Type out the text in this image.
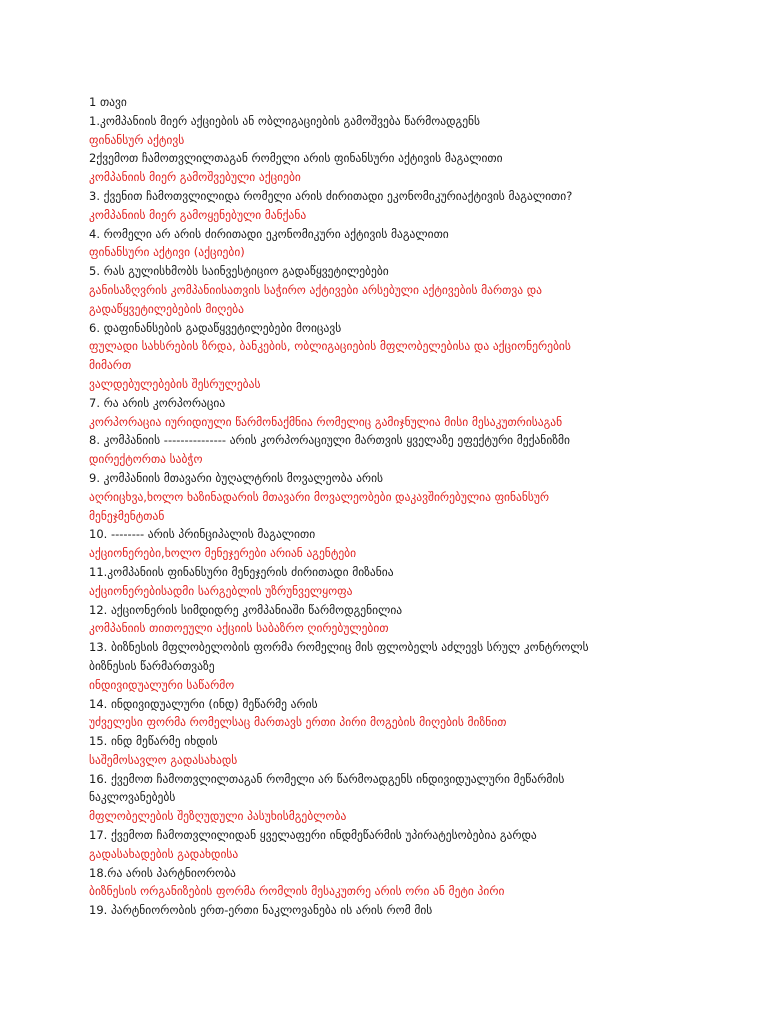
1 თავი
1.კომპანიის მიერ აქციების ან ობლიგაციების გამოშვება წარმოადგენს
ფინანსურ აქტივს
2ქვემოთ ჩამოთვლილთაგან რომელი არის ფინანსური აქტივის მაგალითი
კომპანიის მიერ გამოშვებული აქციები
3. ქვენით ჩამოთვლილიდა რომელი არის ძირითადი ეკონომიკურიაქტივის მაგალითი?
კომპანიის მიერ გამოყენებული მანქანა
4. რომელი არ არის ძირითადი ეკონომიკური აქტივის მაგალითი
ფინანსური აქტივი (აქციები)
5. რას გულისხმობს საინვესტიციო გადაწყვეტილებები
განისაზღვრის კომპანიისათვის საჭირო აქტივები არსებული აქტივების მართვა და
გადაწყვეტილებების მიღება
6. დაფინანსების გადაწყვეტილებები მოიცავს
ფულადი სახსრების ზრდა, ბანკების, ობლიგაციების მფლობელებისა და აქციონერების
მიმართ
ვალდებულებების შესრულებას
7. რა არის კორპორაცია
კორპორაცია იურიდიული წარმონაქმნია რომელიც გამიჯნულია მისი მესაკუთრისაგან
8. კომპანიის --------------- არის კორპორაციული მართვის ყველაზე ეფექტური მექანიზმი
დირექტორთა საბჭო
9. კომპანიის მთავარი ბუღალტრის მოვალეობა არის
აღრიცხვა,ხოლო ხაზინადარის მთავარი მოვალეობები დაკავშირებულია ფინანსურ
მენეჯმენტთან
10. -------- არის პრინციპალის მაგალითი
აქციონერები,ხოლო მენეჯერები არიან აგენტები
11.კომპანიის ფინანსური მენეჯერის ძირითადი მიზანია
აქციონერებისადმი სარგებლის უზრუნველყოფა
12. აქციონერის სიმდიდრე კომპანიაში წარმოდგენილია
კომპანიის თითოეული აქციის საბაზრო ღირებულებით
13. ბიზნესის მფლობელობის ფორმა რომელიც მის ფლობელს აძლევს სრულ კონტროლს
ბიზნესის წარმართვაზე
ინდივიდუალური საწარმო
14. ინდივიდუალური (ინდ) მეწარმე არის
უძველესი ფორმა რომელსაც მართავს ერთი პირი მოგების მიღების მიზნით
15. ინდ მეწარმე იხდის
საშემოსავლო გადასახადს
16. ქვემოთ ჩამოთვლილთაგან რომელი არ წარმოადგენს ინდივიდუალური მეწარმის
ნაკლოვანებებს
მფლობელების შეზღუდული პასუხისმგებლობა
17. ქვემოთ ჩამოთვლილიდან ყველაფერი ინდმეწარმის უპირატესობებია გარდა
გადასახადების გადახდისა
18.რა არის პარტნიორობა
ბიზნესის ორგანიზების ფორმა რომლის მესაკუთრე არის ორი ან მეტი პირი
19. პარტნიორობის ერთ-ერთი ნაკლოვანება ის არის რომ მის
